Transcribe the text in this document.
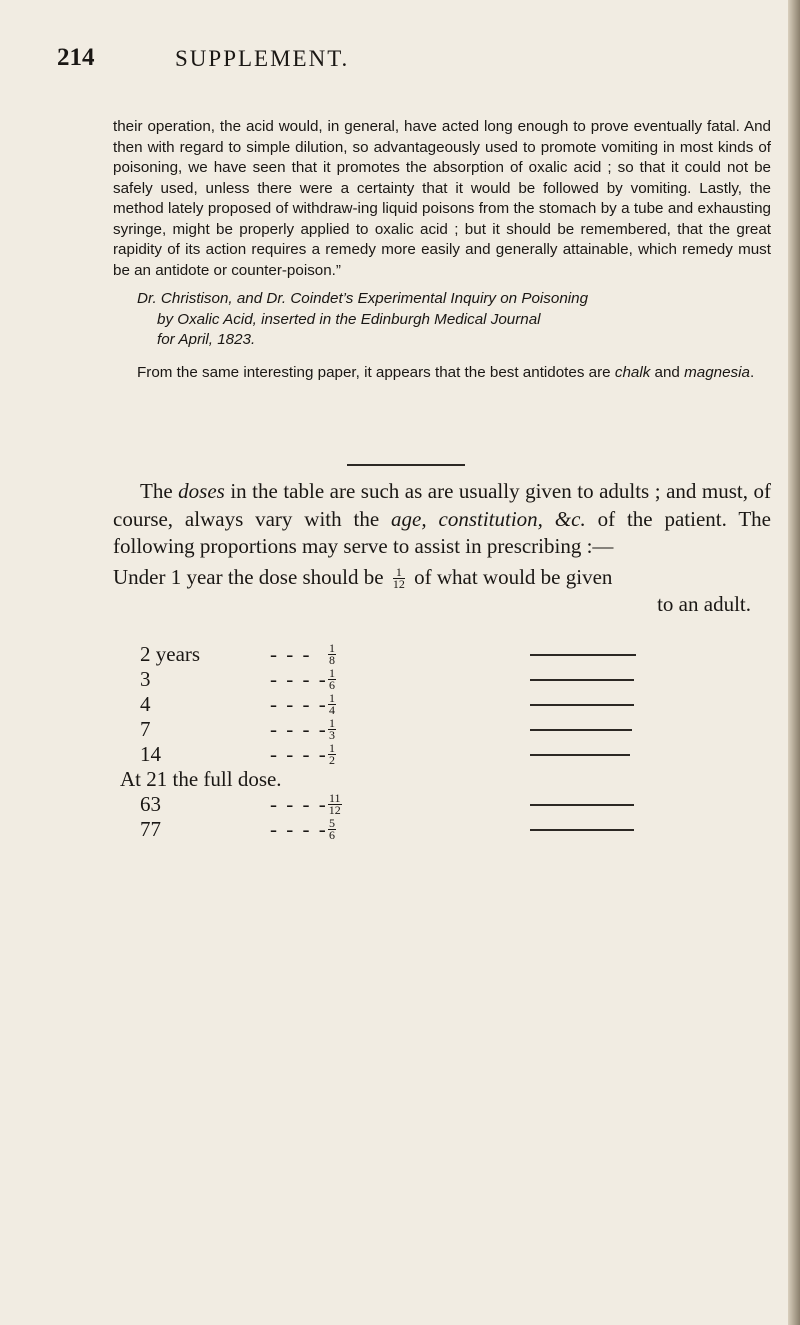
214	SUPPLEMENT.

their operation, the acid would, in general, have acted long enough to prove eventually fatal. And then with regard to simple dilution, so advantageously used to promote vomiting in most kinds of poisoning, we have seen that it promotes the absorption of oxalic acid ; so that it could not be safely used, unless there were a certainty that it would be followed by vomiting. Lastly, the method lately proposed of withdraw-ing liquid poisons from the stomach by a tube and exhausting syringe, might be properly applied to oxalic acid ; but it should be remembered, that the great rapidity of its action requires a remedy more easily and generally attainable, which remedy must be an antidote or counter-poison.”

Dr. Christison, and Dr. Coindet’s Experimental Inquiry on Poisoning
by Oxalic Acid, inserted in the Edinburgh Medical Journal
for April, 1823.

From the same interesting paper, it appears that the best antidotes are chalk and magnesia.

The doses in the table are such as are usually given to adults ; and must, of course, always vary with the age, constitution, &c. of the patient. The following proportions may serve to assist in prescribing :—

Under 1 year the dose should be $\frac{1}{12}$ of what would be given

to an adult.

2 years	- - - $\frac{1}{8}$
3	- - - - $\frac{1}{6}$
4	- - - - $\frac{1}{4}$
7	- - - - $\frac{1}{3}$
14	- - - - $\frac{1}{2}$
At 21 the full dose.
63	- - - - $\frac{11}{12}$
77	- - - - $\frac{5}{6}$
